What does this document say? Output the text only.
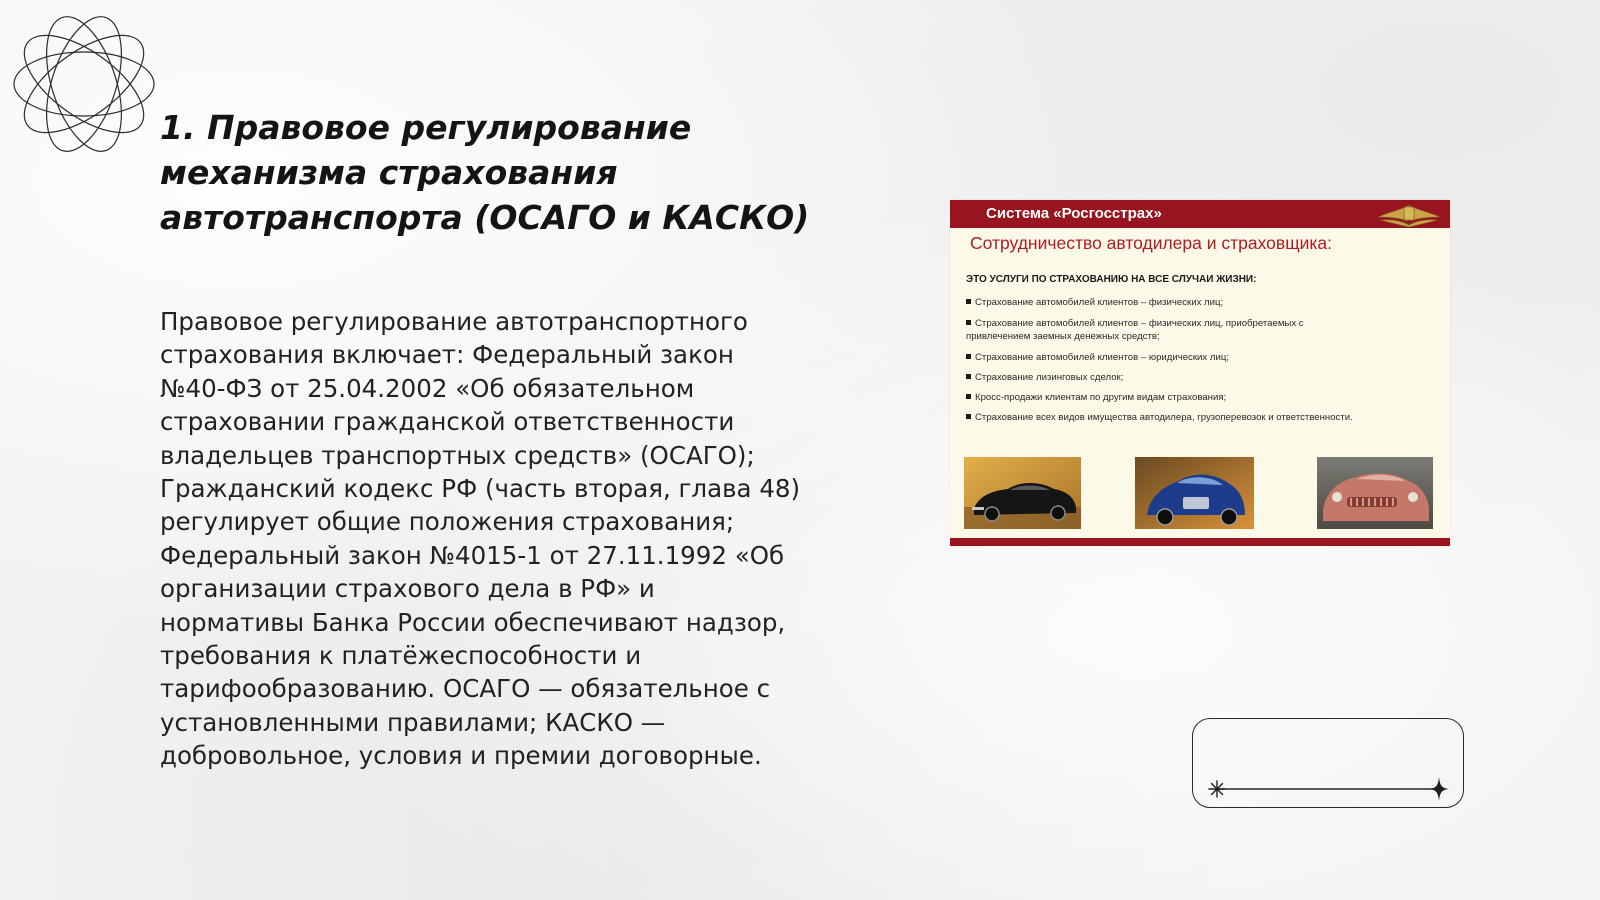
1. Правовое регулирование
механизма страхования
автотранспорта (ОСАГО и КАСКО)

Правовое регулирование автотранспортного
страхования включает: Федеральный закон
№40-ФЗ от 25.04.2002 «Об обязательном
страховании гражданской ответственности
владельцев транспортных средств» (ОСАГО);
Гражданский кодекс РФ (часть вторая, глава 48)
регулирует общие положения страхования;
Федеральный закон №4015-1 от 27.11.1992 «Об
организации страхового дела в РФ» и
нормативы Банка России обеспечивают надзор,
требования к платёжеспособности и
тарифообразованию. ОСАГО — обязательное с
установленными правилами; КАСКО —
добровольное, условия и премии договорные.

Система «Росгосстрах»
Сотрудничество автодилера и страховщика:
ЭТО УСЛУГИ ПО СТРАХОВАНИЮ НА ВСЕ СЛУЧАИ ЖИЗНИ:
Страхование автомобилей клиентов – физических лиц;
Страхование автомобилей клиентов – физических лиц, приобретаемых с
привлечением заемных денежных средств;
Страхование автомобилей клиентов – юридических лиц;
Страхование лизинговых сделок;
Кросс-продажи клиентам по другим видам страхования;
Страхование всех видов имущества автодилера, грузоперевозок и ответственности.
